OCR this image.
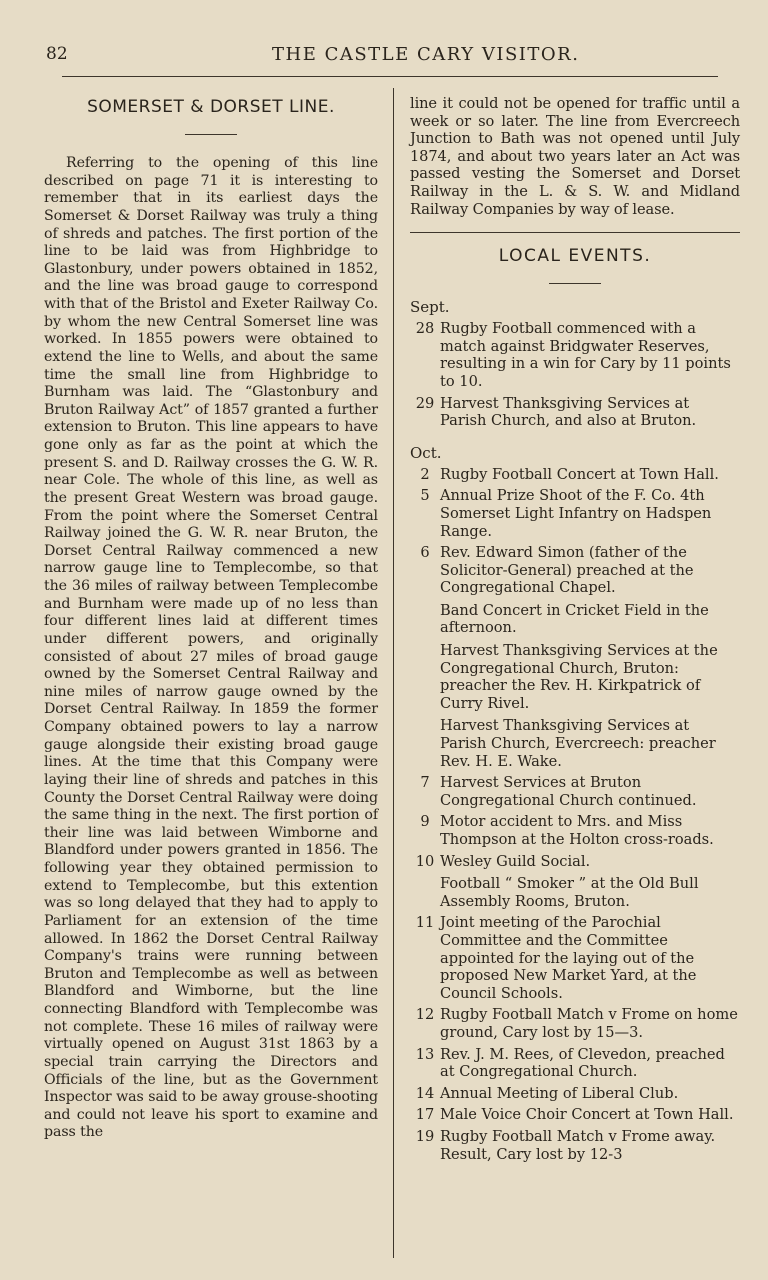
82	THE CASTLE CARY VISITOR.
SOMERSET & DORSET LINE.

Referring to the opening of this line described on page 71 it is interesting to remember that in its earliest days the Somerset & Dorset Railway was truly a thing of shreds and patches. The first portion of the line to be laid was from Highbridge to Glastonbury, under powers obtained in 1852, and the line was broad gauge to correspond with that of the Bristol and Exeter Railway Co. by whom the new Central Somerset line was worked. In 1855 powers were obtained to extend the line to Wells, and about the same time the small line from Highbridge to Burnham was laid. The “Glastonbury and Bruton Railway Act” of 1857 granted a further extension to Bruton. This line appears to have gone only as far as the point at which the present S. and D. Railway crosses the G. W. R. near Cole. The whole of this line, as well as the present Great Western was broad gauge. From the point where the Somerset Central Railway joined the G. W. R. near Bruton, the Dorset Central Railway commenced a new narrow gauge line to Templecombe, so that the 36 miles of railway between Templecombe and Burnham were made up of no less than four different lines laid at different times under different powers, and originally consisted of about 27 miles of broad gauge owned by the Somerset Central Railway and nine miles of narrow gauge owned by the Dorset Central Railway. In 1859 the former Company obtained powers to lay a narrow gauge alongside their existing broad gauge lines. At the time that this Company were laying their line of shreds and patches in this County the Dorset Central Railway were doing the same thing in the next. The first portion of their line was laid between Wimborne and Blandford under powers granted in 1856. The following year they obtained permission to extend to Templecombe, but this extention was so long delayed that they had to apply to Parliament for an extension of the time allowed. In 1862 the Dorset Central Railway Company's trains were running between Bruton and Templecombe as well as between Blandford and Wimborne, but the line connecting Blandford with Templecombe was not complete. These 16 miles of railway were virtually opened on August 31st 1863 by a special train carrying the Directors and Officials of the line, but as the Government Inspector was said to be away grouse-shooting and could not leave his sport to examine and pass the

line it could not be opened for traffic until a week or so later. The line from Evercreech Junction to Bath was not opened until July 1874, and about two years later an Act was passed vesting the Somerset and Dorset Railway in the L. & S. W. and Midland Railway Companies by way of lease.

LOCAL EVENTS.
Sept.
28 Rugby Football commenced with a match against Bridgwater Reserves, resulting in a win for Cary by 11 points to 10.
29 Harvest Thanksgiving Services at Parish Church, and also at Bruton.
Oct.
2 Rugby Football Concert at Town Hall.
5 Annual Prize Shoot of the F. Co. 4th Somerset Light Infantry on Hadspen Range.
6 Rev. Edward Simon (father of the Solicitor-General) preached at the Congregational Chapel.
Band Concert in Cricket Field in the afternoon.
Harvest Thanksgiving Services at the Congregational Church, Bruton: preacher the Rev. H. Kirkpatrick of Curry Rivel.
Harvest Thanksgiving Services at Parish Church, Evercreech: preacher Rev. H. E. Wake.
7 Harvest Services at Bruton Congregational Church continued.
9 Motor accident to Mrs. and Miss Thompson at the Holton cross-roads.
10 Wesley Guild Social.
Football “ Smoker ” at the Old Bull Assembly Rooms, Bruton.
11 Joint meeting of the Parochial Committee and the Committee appointed for the laying out of the proposed New Market Yard, at the Council Schools.
12 Rugby Football Match v Frome on home ground, Cary lost by 15—3.
13 Rev. J. M. Rees, of Clevedon, preached at Congregational Church.
14 Annual Meeting of Liberal Club.
17 Male Voice Choir Concert at Town Hall.
19 Rugby Football Match v Frome away. Result, Cary lost by 12-3
